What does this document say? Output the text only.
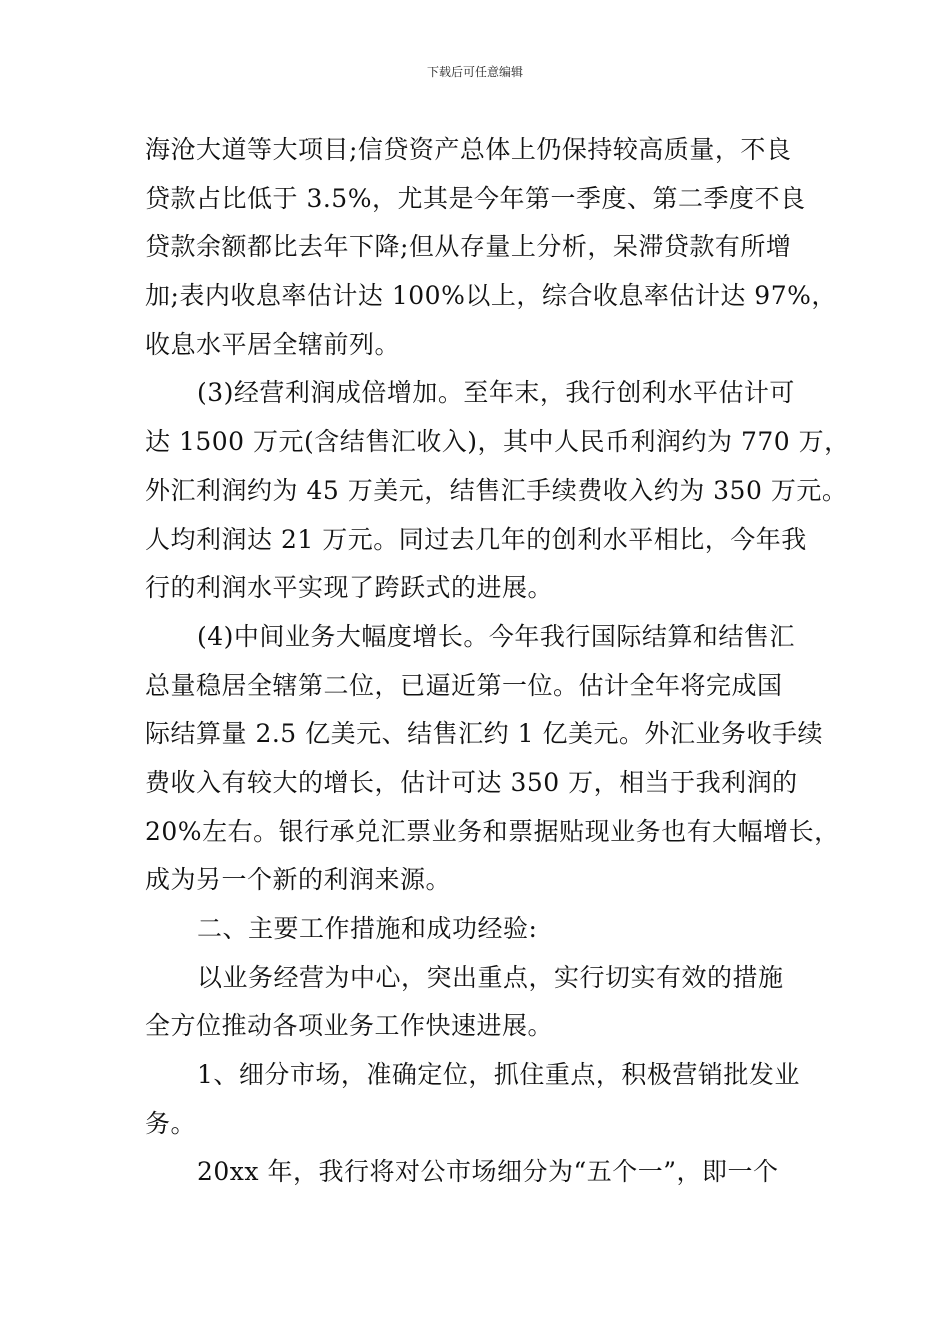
下载后可任意编辑
海沧大道等大项目;信贷资产总体上仍保持较高质量，不良
贷款占比低于 3.5%，尤其是今年第一季度、第二季度不良
贷款余额都比去年下降;但从存量上分析，呆滞贷款有所增
加;表内收息率估计达 100%以上，综合收息率估计达 97%，
收息水平居全辖前列。
(3)经营利润成倍增加。至年末，我行创利水平估计可
达 1500 万元(含结售汇收入)，其中人民币利润约为 770 万，
外汇利润约为 45 万美元，结售汇手续费收入约为 350 万元。
人均利润达 21 万元。同过去几年的创利水平相比，今年我
行的利润水平实现了跨跃式的进展。
(4)中间业务大幅度增长。今年我行国际结算和结售汇
总量稳居全辖第二位，已逼近第一位。估计全年将完成国
际结算量 2.5 亿美元、结售汇约 1 亿美元。外汇业务收手续
费收入有较大的增长，估计可达 350 万，相当于我利润的
20%左右。银行承兑汇票业务和票据贴现业务也有大幅增长，
成为另一个新的利润来源。
二、主要工作措施和成功经验:
以业务经营为中心，突出重点，实行切实有效的措施
全方位推动各项业务工作快速进展。
1、细分市场，准确定位，抓住重点，积极营销批发业
务。
20xx 年，我行将对公市场细分为“五个一”，即一个
